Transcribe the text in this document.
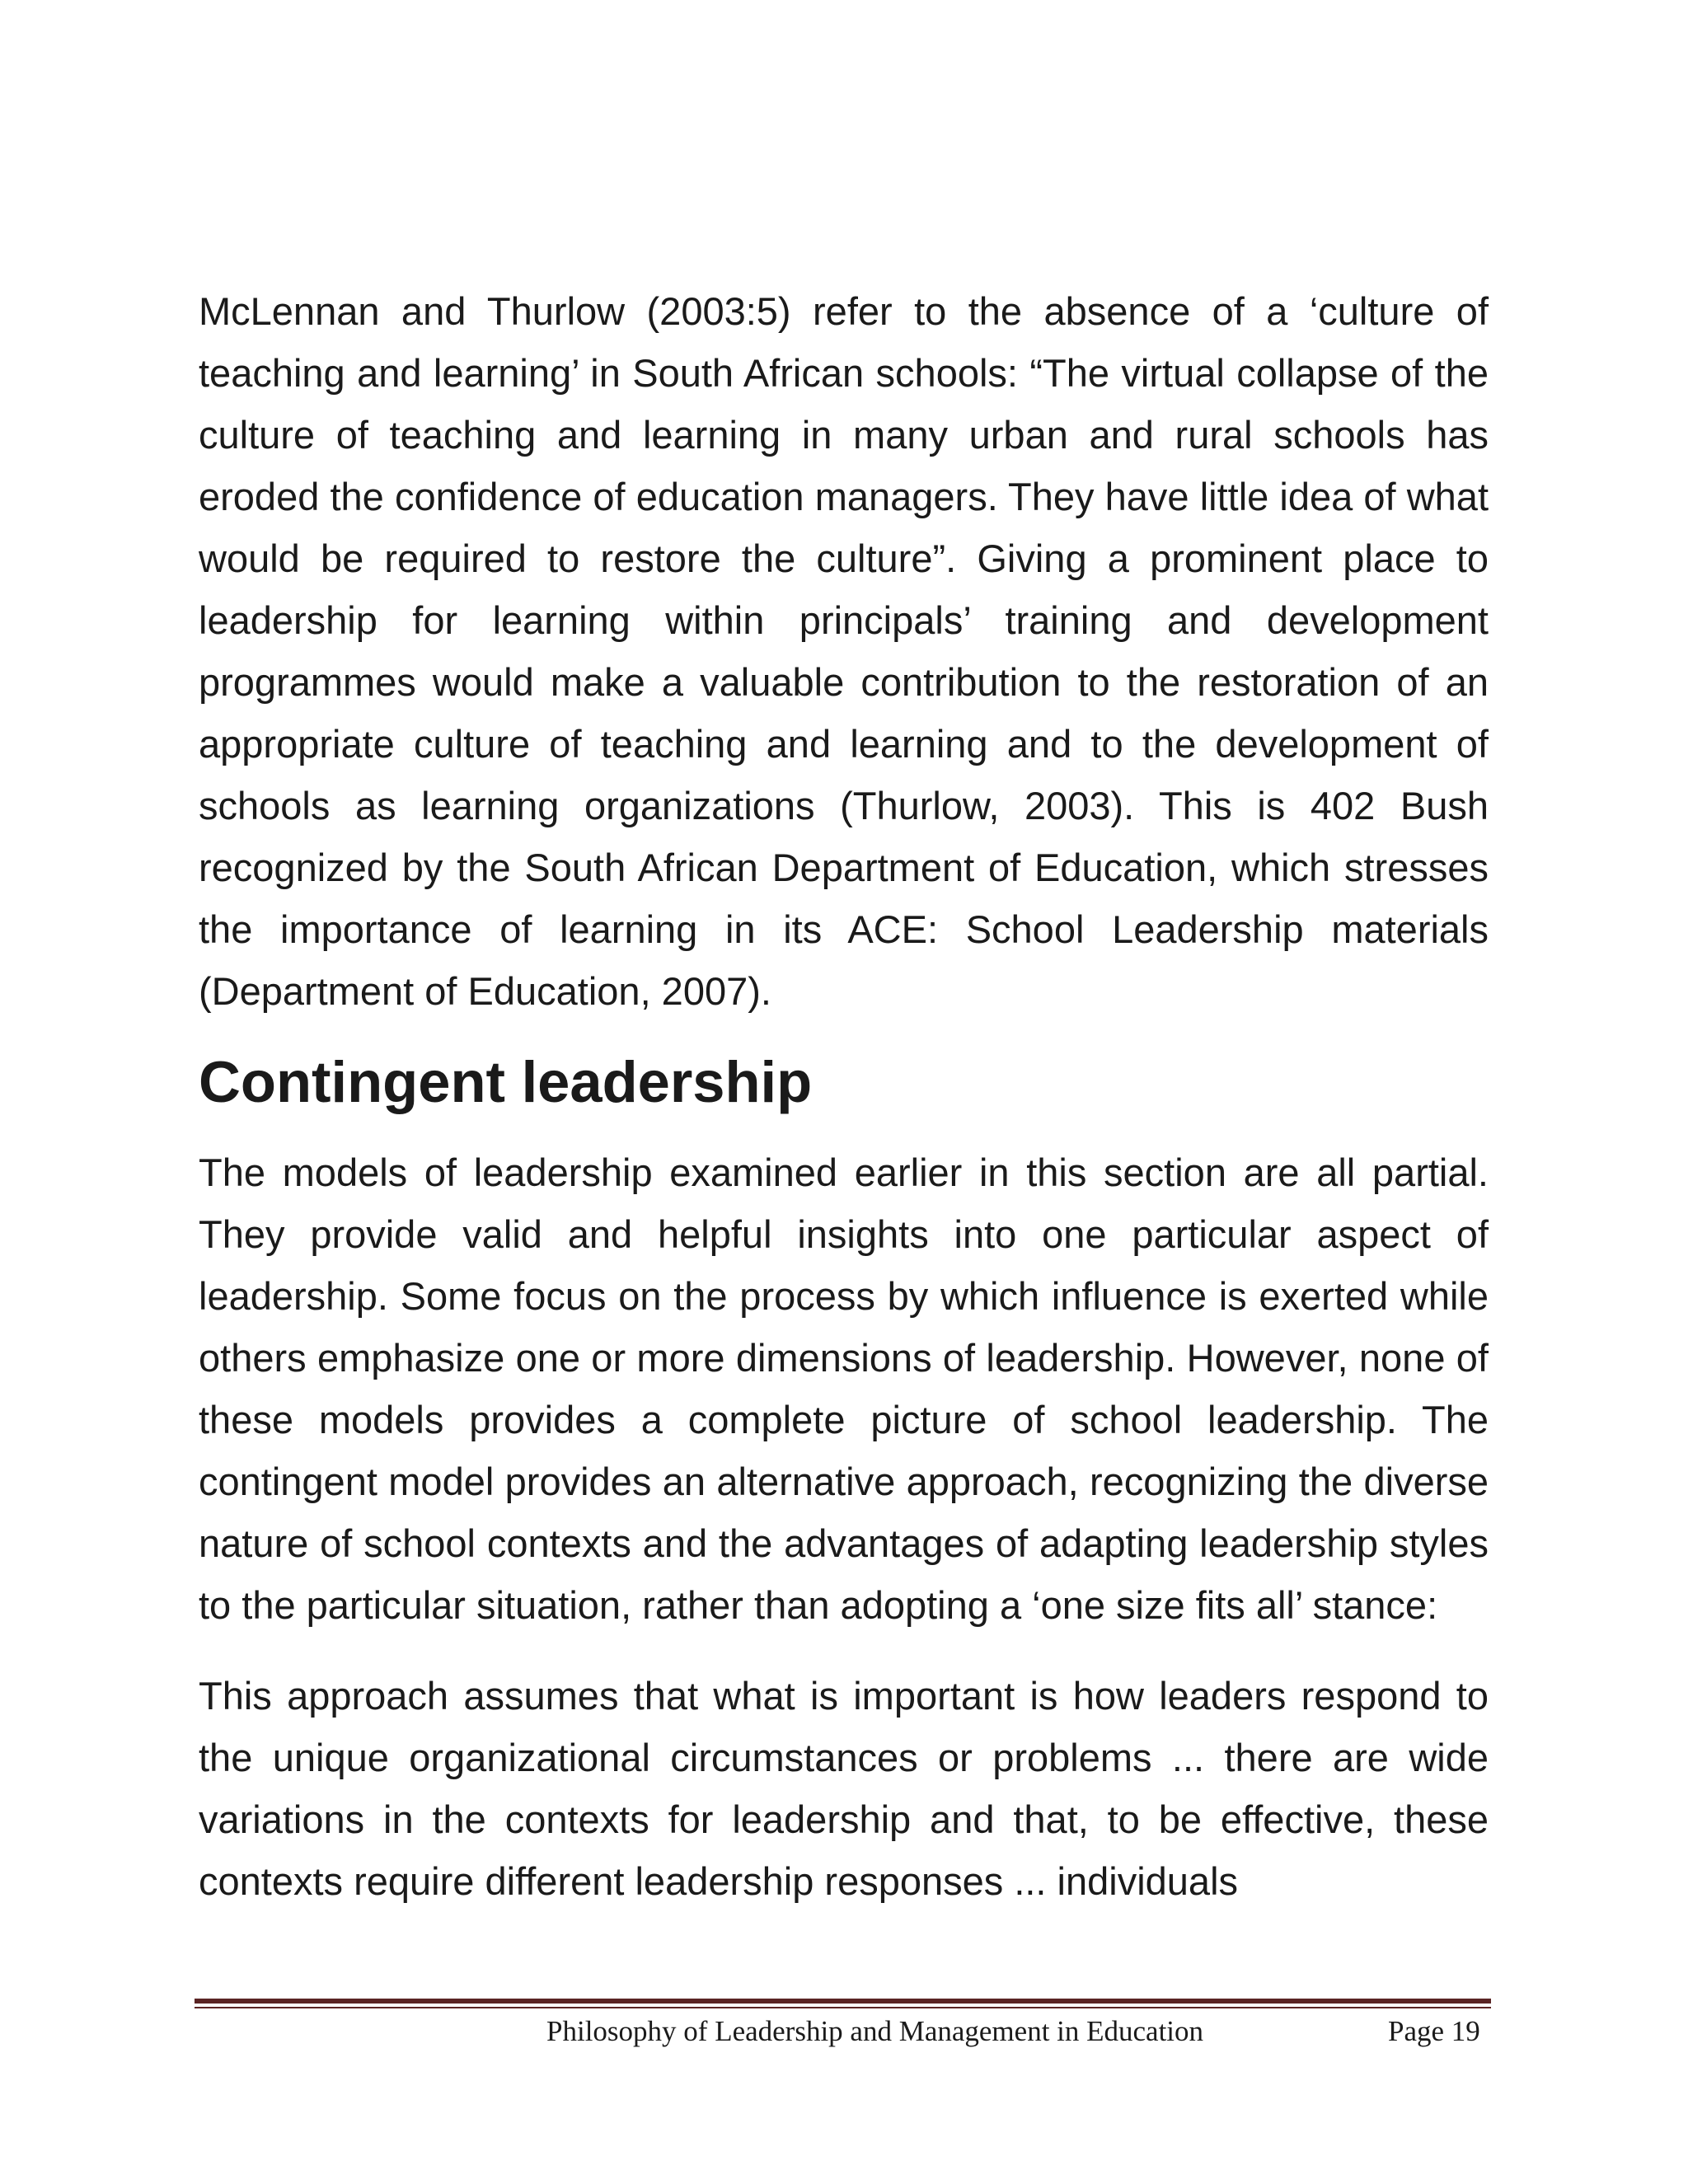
McLennan and Thurlow (2003:5) refer to the absence of a ‘culture of teaching and learning’ in South African schools: “The virtual collapse of the culture of teaching and learning in many urban and rural schools has eroded the confidence of education managers. They have little idea of what would be required to restore the culture”. Giving a prominent place to leadership for learning within principals’ training and development programmes would make a valuable contribution to the restoration of an appropriate culture of teaching and learning and to the development of schools as learning organizations (Thurlow, 2003). This is 402 Bush recognized by the South African Department of Education, which stresses the importance of learning in its ACE: School Leadership materials (Department of Education, 2007).

Contingent leadership

The models of leadership examined earlier in this section are all partial. They provide valid and helpful insights into one particular aspect of leadership. Some focus on the process by which influence is exerted while others emphasize one or more dimensions of leadership. However, none of these models provides a complete picture of school leadership. The contingent model provides an alternative approach, recognizing the diverse nature of school contexts and the advantages of adapting leadership styles to the particular situation, rather than adopting a ‘one size fits all’ stance:

This approach assumes that what is important is how leaders respond to the unique organizational circumstances or problems ... there are wide variations in the contexts for leadership and that, to be effective, these contexts require different leadership responses ... individuals

Philosophy of Leadership and Management in Education	Page 19
